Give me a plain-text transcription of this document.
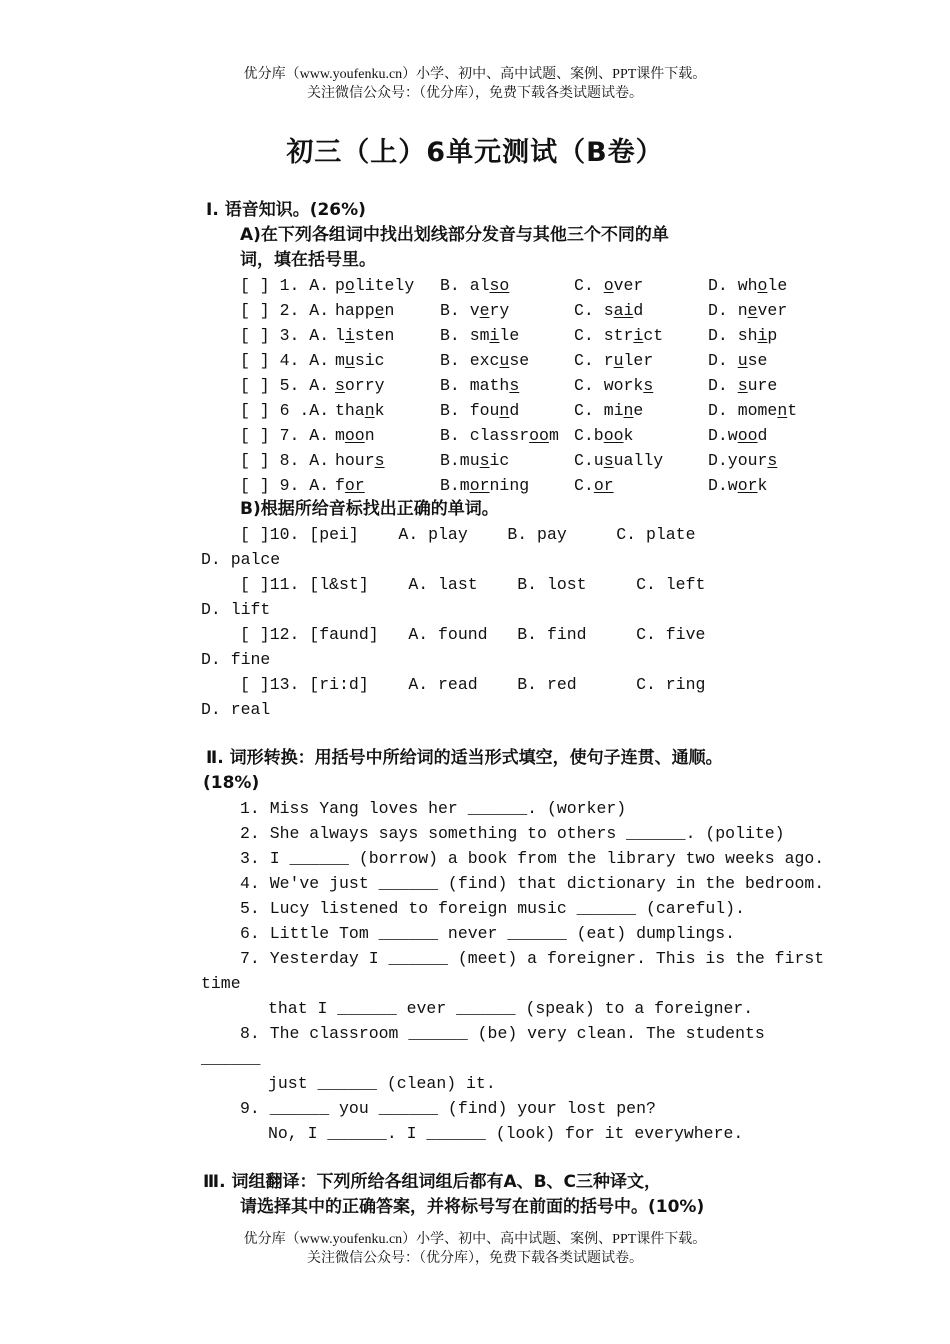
优分库（www.youfenku.cn）小学、初中、高中试题、案例、PPT课件下载。
关注微信公众号：（优分库），免费下载各类试题试卷。
初三（上）6单元测试（B卷）
Ⅰ. 语音知识。(26%)
A)在下列各组词中找出划线部分发音与其他三个不同的单
词，填在括号里。
[ ] 1. A. politely B. also	C. over	D. whole
[ ] 2. A. happen	B. very	C. said	D. never
[ ] 3. A. listen	B. smile	C. strict	D. ship
[ ] 4. A. music	B. excuse	C. ruler	D. use
[ ] 5. A. sorry	B. maths	C. works	D. sure
[ ] 6 .A. thank	B. found	C. mine	D. moment
[ ] 7. A. moon	B. classroom C.book	D.wood
[ ] 8. A. hours	B.music	C.usually	D.yours
[ ] 9. A. for	B.morning	C.or	D.work
B)根据所给音标找出正确的单词。
[ ]10. [pei]    A. play    B. pay     C. plate
D. palce
[ ]11. [l&st]    A. last    B. lost     C. left
D. lift
[ ]12. [faund]   A. found   B. find     C. five
D. fine
[ ]13. [ri:d]    A. read    B. red      C. ring
D. real
Ⅱ. 词形转换：用括号中所给词的适当形式填空，使句子连贯、通顺。
(18%)
1. Miss Yang loves her ______. (worker)
2. She always says something to others ______. (polite)
3. I ______ (borrow) a book from the library two weeks ago.
4. We've just ______ (find) that dictionary in the bedroom.
5. Lucy listened to foreign music ______ (careful).
6. Little Tom ______ never ______ (eat) dumplings.
7. Yesterday I ______ (meet) a foreigner. This is the first
time
that I ______ ever ______ (speak) to a foreigner.
8. The classroom ______ (be) very clean. The students
______
just ______ (clean) it.
9. ______ you ______ (find) your lost pen?
No, I ______. I ______ (look) for it everywhere.
Ⅲ. 词组翻译：下列所给各组词组后都有A、B、C三种译文，
请选择其中的正确答案，并将标号写在前面的括号中。(10%)
优分库（www.youfenku.cn）小学、初中、高中试题、案例、PPT课件下载。
关注微信公众号：（优分库），免费下载各类试题试卷。
